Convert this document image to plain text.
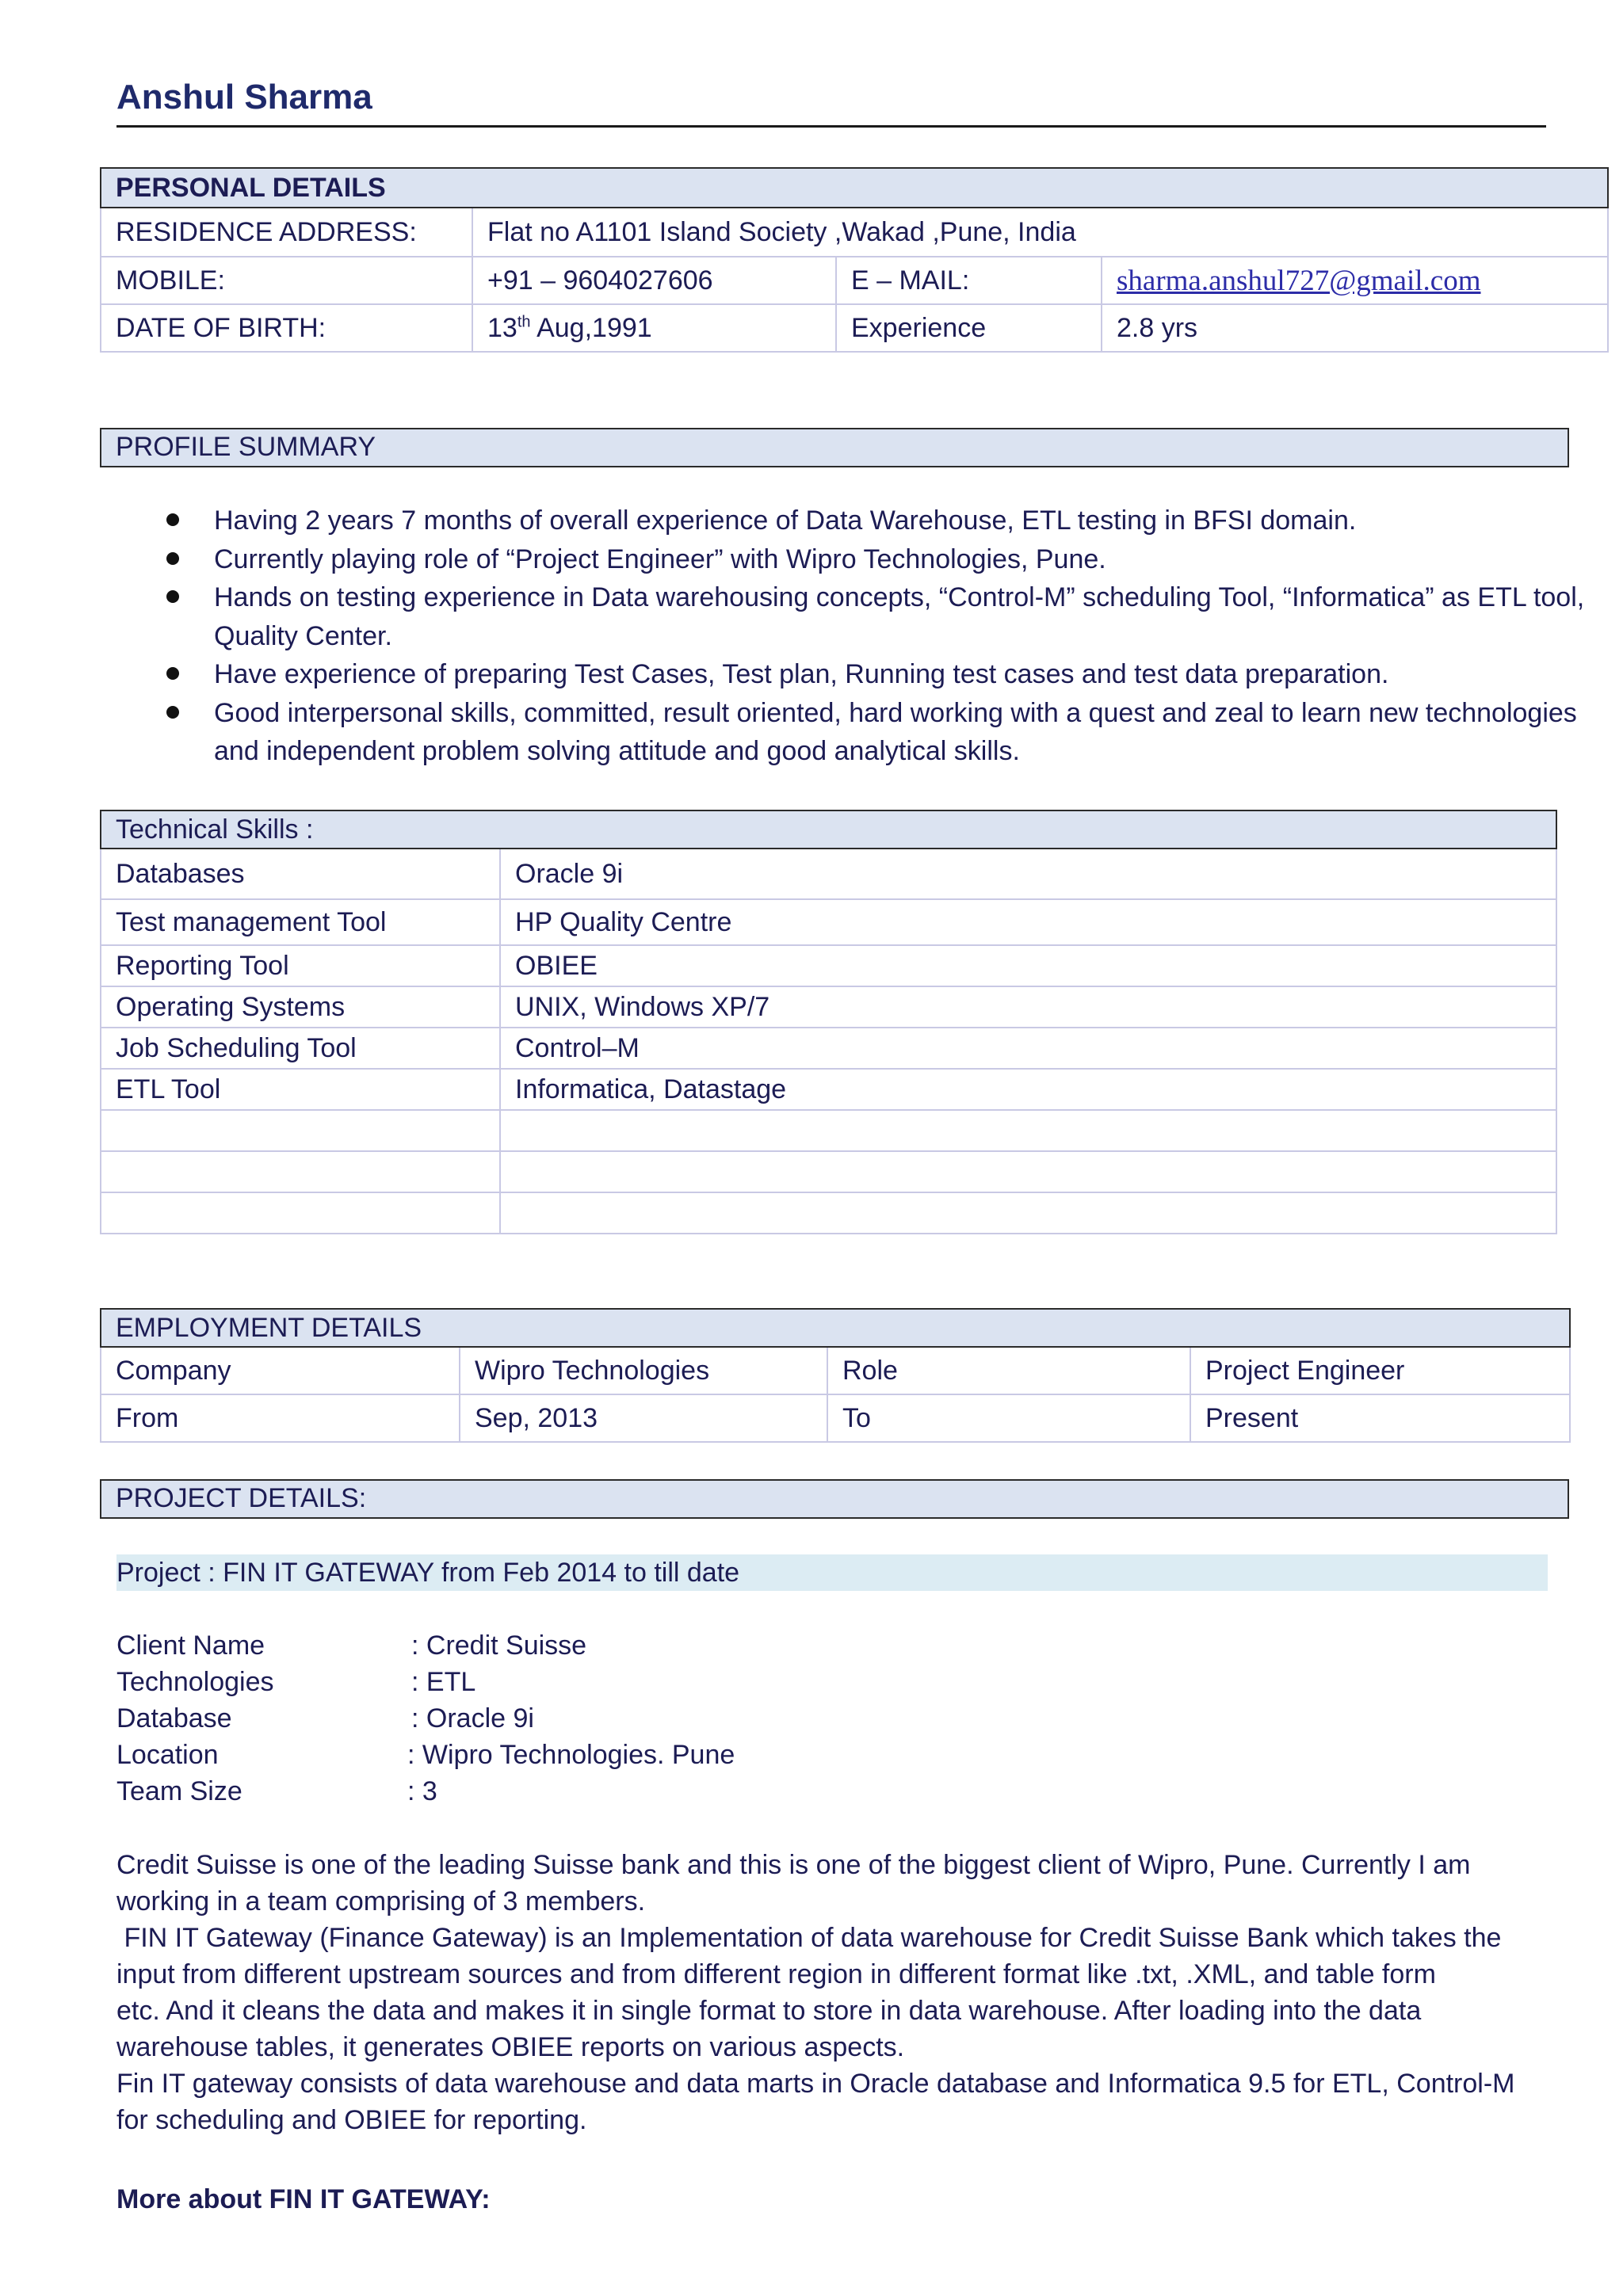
Anshul Sharma
PERSONAL DETAILS			
RESIDENCE ADDRESS:	Flat no A1101 Island Society ,Wakad ,Pune, India		
MOBILE:	+91 – 9604027606	E – MAIL:	sharma.anshul727@gmail.com
DATE OF BIRTH:	13th Aug,1991	Experience	2.8 yrs
PROFILE SUMMARY
Having 2 years 7 months of overall experience of Data Warehouse, ETL testing in BFSI domain.
Currently playing role of “Project Engineer” with Wipro Technologies, Pune.
Hands on testing experience in Data warehousing concepts, “Control-M” scheduling Tool, “Informatica” as ETL tool, Quality Center.
Have experience of preparing Test Cases, Test plan, Running test cases and test data preparation.
Good interpersonal skills, committed, result oriented, hard working with a quest and zeal to learn new technologies and independent problem solving attitude and good analytical skills.
Technical Skills :	
Databases	Oracle 9i
Test management Tool	HP Quality Centre
Reporting Tool	OBIEE
Operating Systems	UNIX, Windows XP/7
Job Scheduling Tool	Control–M
ETL Tool	Informatica, Datastage

EMPLOYMENT DETAILS			
Company	Wipro Technologies	Role	Project Engineer
From	Sep, 2013	To	Present
PROJECT DETAILS:
Project : FIN IT GATEWAY from Feb 2014 to till date
Client Name	: Credit Suisse
Technologies	: ETL
Database	: Oracle 9i
Location	: Wipro Technologies. Pune
Team Size	: 3
Credit Suisse is one of the leading Suisse bank and this is one of the biggest client of Wipro, Pune. Currently I am
working in a team comprising of 3 members.
FIN IT Gateway (Finance Gateway) is an Implementation of data warehouse for Credit Suisse Bank which takes the
input from different upstream sources and from different region in different format like .txt, .XML, and table form
etc. And it cleans the data and makes it in single format to store in data warehouse. After loading into the data
warehouse tables, it generates OBIEE reports on various aspects.
Fin IT gateway consists of data warehouse and data marts in Oracle database and Informatica 9.5 for ETL, Control-M
for scheduling and OBIEE for reporting.
More about FIN IT GATEWAY:
